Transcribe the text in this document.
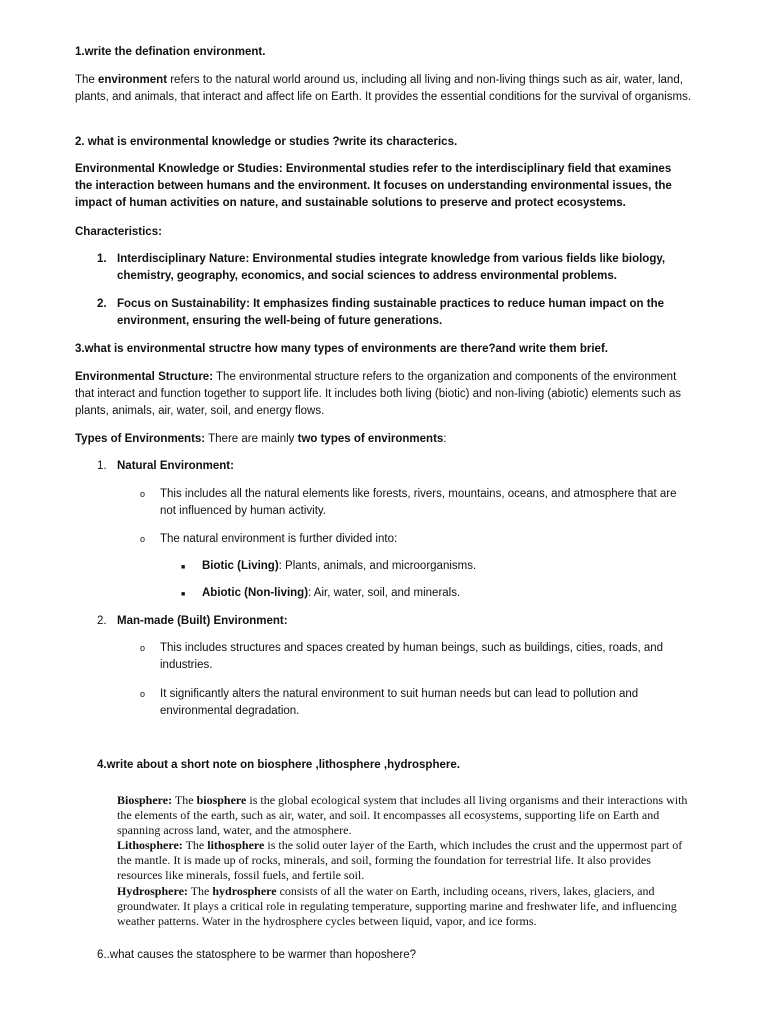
1.write the defination environment.

The environment refers to the natural world around us, including all living and non-living things such as air, water, land, plants, and animals, that interact and affect life on Earth. It provides the essential conditions for the survival of organisms.

2. what is environmental knowledge or studies ?write its characterics.

Environmental Knowledge or Studies: Environmental studies refer to the interdisciplinary field that examines the interaction between humans and the environment. It focuses on understanding environmental issues, the impact of human activities on nature, and sustainable solutions to preserve and protect ecosystems.

Characteristics:

1. Interdisciplinary Nature: Environmental studies integrate knowledge from various fields like biology, chemistry, geography, economics, and social sciences to address environmental problems.

2. Focus on Sustainability: It emphasizes finding sustainable practices to reduce human impact on the environment, ensuring the well-being of future generations.

3.what is environmental structre how many types of environments are there?and write them brief.

Environmental Structure: The environmental structure refers to the organization and components of the environment that interact and function together to support life. It includes both living (biotic) and non-living (abiotic) elements such as plants, animals, air, water, soil, and energy flows.

Types of Environments: There are mainly two types of environments:

1. Natural Environment:

o This includes all the natural elements like forests, rivers, mountains, oceans, and atmosphere that are not influenced by human activity.

o The natural environment is further divided into:

■ Biotic (Living): Plants, animals, and microorganisms.

■ Abiotic (Non-living): Air, water, soil, and minerals.

2. Man-made (Built) Environment:

o This includes structures and spaces created by human beings, such as buildings, cities, roads, and industries.

o It significantly alters the natural environment to suit human needs but can lead to pollution and environmental degradation.

4.write about a short note on biosphere ,lithosphere ,hydrosphere.

Biosphere: The biosphere is the global ecological system that includes all living organisms and their interactions with the elements of the earth, such as air, water, and soil. It encompasses all ecosystems, supporting life on Earth and spanning across land, water, and the atmosphere.

Lithosphere: The lithosphere is the solid outer layer of the Earth, which includes the crust and the uppermost part of the mantle. It is made up of rocks, minerals, and soil, forming the foundation for terrestrial life. It also provides resources like minerals, fossil fuels, and fertile soil.

Hydrosphere: The hydrosphere consists of all the water on Earth, including oceans, rivers, lakes, glaciers, and groundwater. It plays a critical role in regulating temperature, supporting marine and freshwater life, and influencing weather patterns. Water in the hydrosphere cycles between liquid, vapor, and ice forms.

6..what causes the statosphere to be warmer than hoposhere?
